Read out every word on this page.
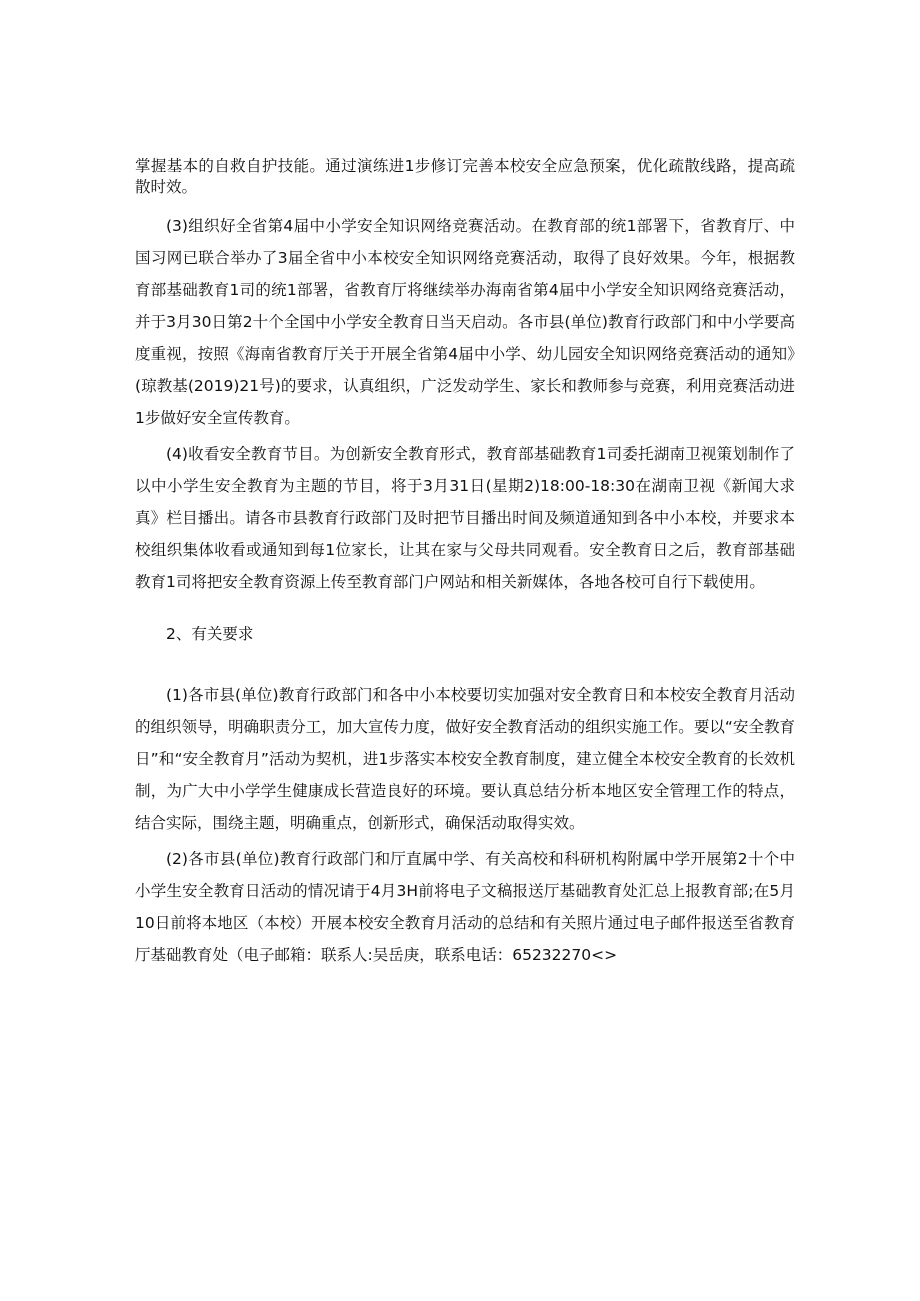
掌握基本的自救自护技能。通过演练进1步修订完善本校安全应急预案，优化疏散线路，提高疏散时效。

(3)组织好全省第4届中小学安全知识网络竞赛活动。在教育部的统1部署下，省教育厅、中国习网已联合举办了3届全省中小本校安全知识网络竞赛活动，取得了良好效果。今年，根据教育部基础教育1司的统1部署，省教育厅将继续举办海南省第4届中小学安全知识网络竞赛活动，并于3月30日第2十个全国中小学安全教育日当天启动。各市县(单位)教育行政部门和中小学要高度重视，按照《海南省教育厅关于开展全省第4届中小学、幼儿园安全知识网络竞赛活动的通知》(琼教基(2019)21号)的要求，认真组织，广泛发动学生、家长和教师参与竞赛，利用竞赛活动进1步做好安全宣传教育。

(4)收看安全教育节目。为创新安全教育形式，教育部基础教育1司委托湖南卫视策划制作了以中小学生安全教育为主题的节目，将于3月31日(星期2)18:00-18:30在湖南卫视《新闻大求真》栏目播出。请各市县教育行政部门及时把节目播出时间及频道通知到各中小本校，并要求本校组织集体收看或通知到每1位家长，让其在家与父母共同观看。安全教育日之后，教育部基础教育1司将把安全教育资源上传至教育部门户网站和相关新媒体，各地各校可自行下载使用。

2、有关要求

(1)各市县(单位)教育行政部门和各中小本校要切实加强对安全教育日和本校安全教育月活动的组织领导，明确职责分工，加大宣传力度，做好安全教育活动的组织实施工作。要以“安全教育日”和“安全教育月”活动为契机，进1步落实本校安全教育制度，建立健全本校安全教育的长效机制，为广大中小学学生健康成长营造良好的环境。要认真总结分析本地区安全管理工作的特点，结合实际，围绕主题，明确重点，创新形式，确保活动取得实效。

(2)各市县(单位)教育行政部门和厅直属中学、有关高校和科研机构附属中学开展第2十个中小学生安全教育日活动的情况请于4月3H前将电子文稿报送厅基础教育处汇总上报教育部;在5月10日前将本地区（本校）开展本校安全教育月活动的总结和有关照片通过电子邮件报送至省教育厅基础教育处（电子邮箱：联系人:吴岳庚，联系电话：65232270<>
